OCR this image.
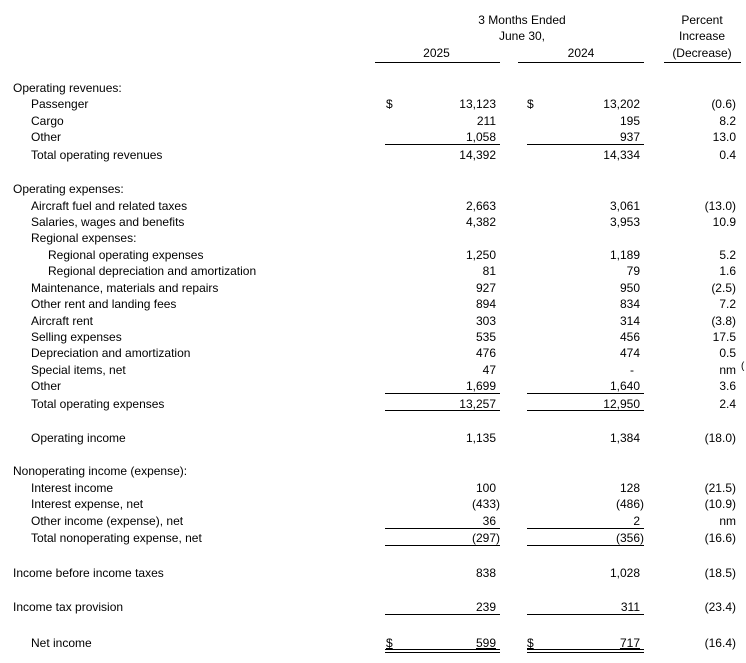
3 Months Ended
June 30,
2025	2024
Percent
Increase
(Decrease)
Operating revenues:
Passenger	$	13,123	$	13,202	(0.6)
Cargo	211	195	8.2
Other	1,058	937	13.0
Total operating revenues	14,392	14,334	0.4
Operating expenses:
Aircraft fuel and related taxes	2,663	3,061	(13.0)
Salaries, wages and benefits	4,382	3,953	10.9
Regional expenses:
Regional operating expenses	1,250	1,189	5.2
Regional depreciation and amortization	81	79	1.6
Maintenance, materials and repairs	927	950	(2.5)
Other rent and landing fees	894	834	7.2
Aircraft rent	303	314	(3.8)
Selling expenses	535	456	17.5
Depreciation and amortization	476	474	0.5
Special items, net	47	-	nm (
Other	1,699	1,640	3.6
Total operating expenses	13,257	12,950	2.4
Operating income	1,135	1,384	(18.0)
Nonoperating income (expense):
Interest income	100	128	(21.5)
Interest expense, net	(433)	(486)	(10.9)
Other income (expense), net	36	2	nm
Total nonoperating expense, net	(297)	(356)	(16.6)
Income before income taxes	838	1,028	(18.5)
Income tax provision	239	311	(23.4)
Net income	$	599	$	717	(16.4)
